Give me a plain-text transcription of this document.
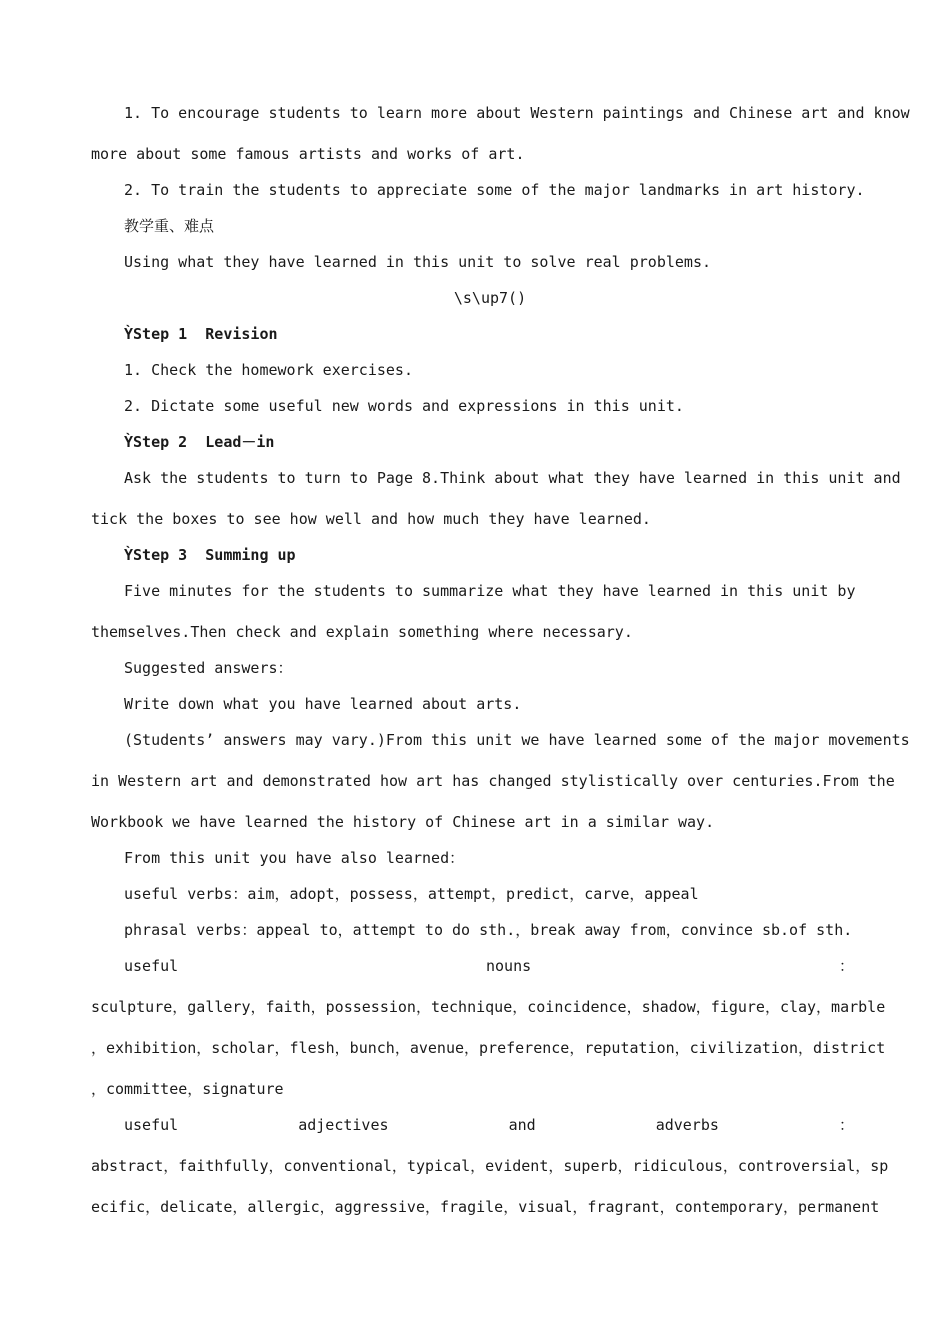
1. To encourage students to learn more about Western paintings and Chinese art and know
more about some famous artists and works of art.
2. To train the students to appreciate some of the major landmarks in art history.
教学重、难点
Using what they have learned in this unit to solve real problems.
\s\up7()
ỲStep 1  Revision
1. Check the homework exercises.
2. Dictate some useful new words and expressions in this unit.
ỲStep 2  Lead－in
Ask the students to turn to Page 8.Think about what they have learned in this unit and
tick the boxes to see how well and how much they have learned.
ỲStep 3  Summing up
Five minutes for the students to summarize what they have learned in this unit by
themselves.Then check and explain something where necessary.
Suggested answers：
Write down what you have learned about arts.
(Students’ answers may vary.)From this unit we have learned some of the major movements
in Western art and demonstrated how art has changed stylistically over centuries.From the
Workbook we have learned the history of Chinese art in a similar way.
From this unit you have also learned：
useful verbs：aim，adopt，possess，attempt，predict，carve，appeal
phrasal verbs：appeal to，attempt to do sth.，break away from，convince sb.of sth.
useful	nouns	：
sculpture，gallery，faith，possession，technique，coincidence，shadow，figure，clay，marble
，exhibition，scholar，flesh，bunch，avenue，preference，reputation，civilization，district
，committee，signature
useful	adjectives	and	adverbs	：
abstract，faithfully，conventional，typical，evident，superb，ridiculous，controversial，sp
ecific，delicate，allergic，aggressive，fragile，visual，fragrant，contemporary，permanent
